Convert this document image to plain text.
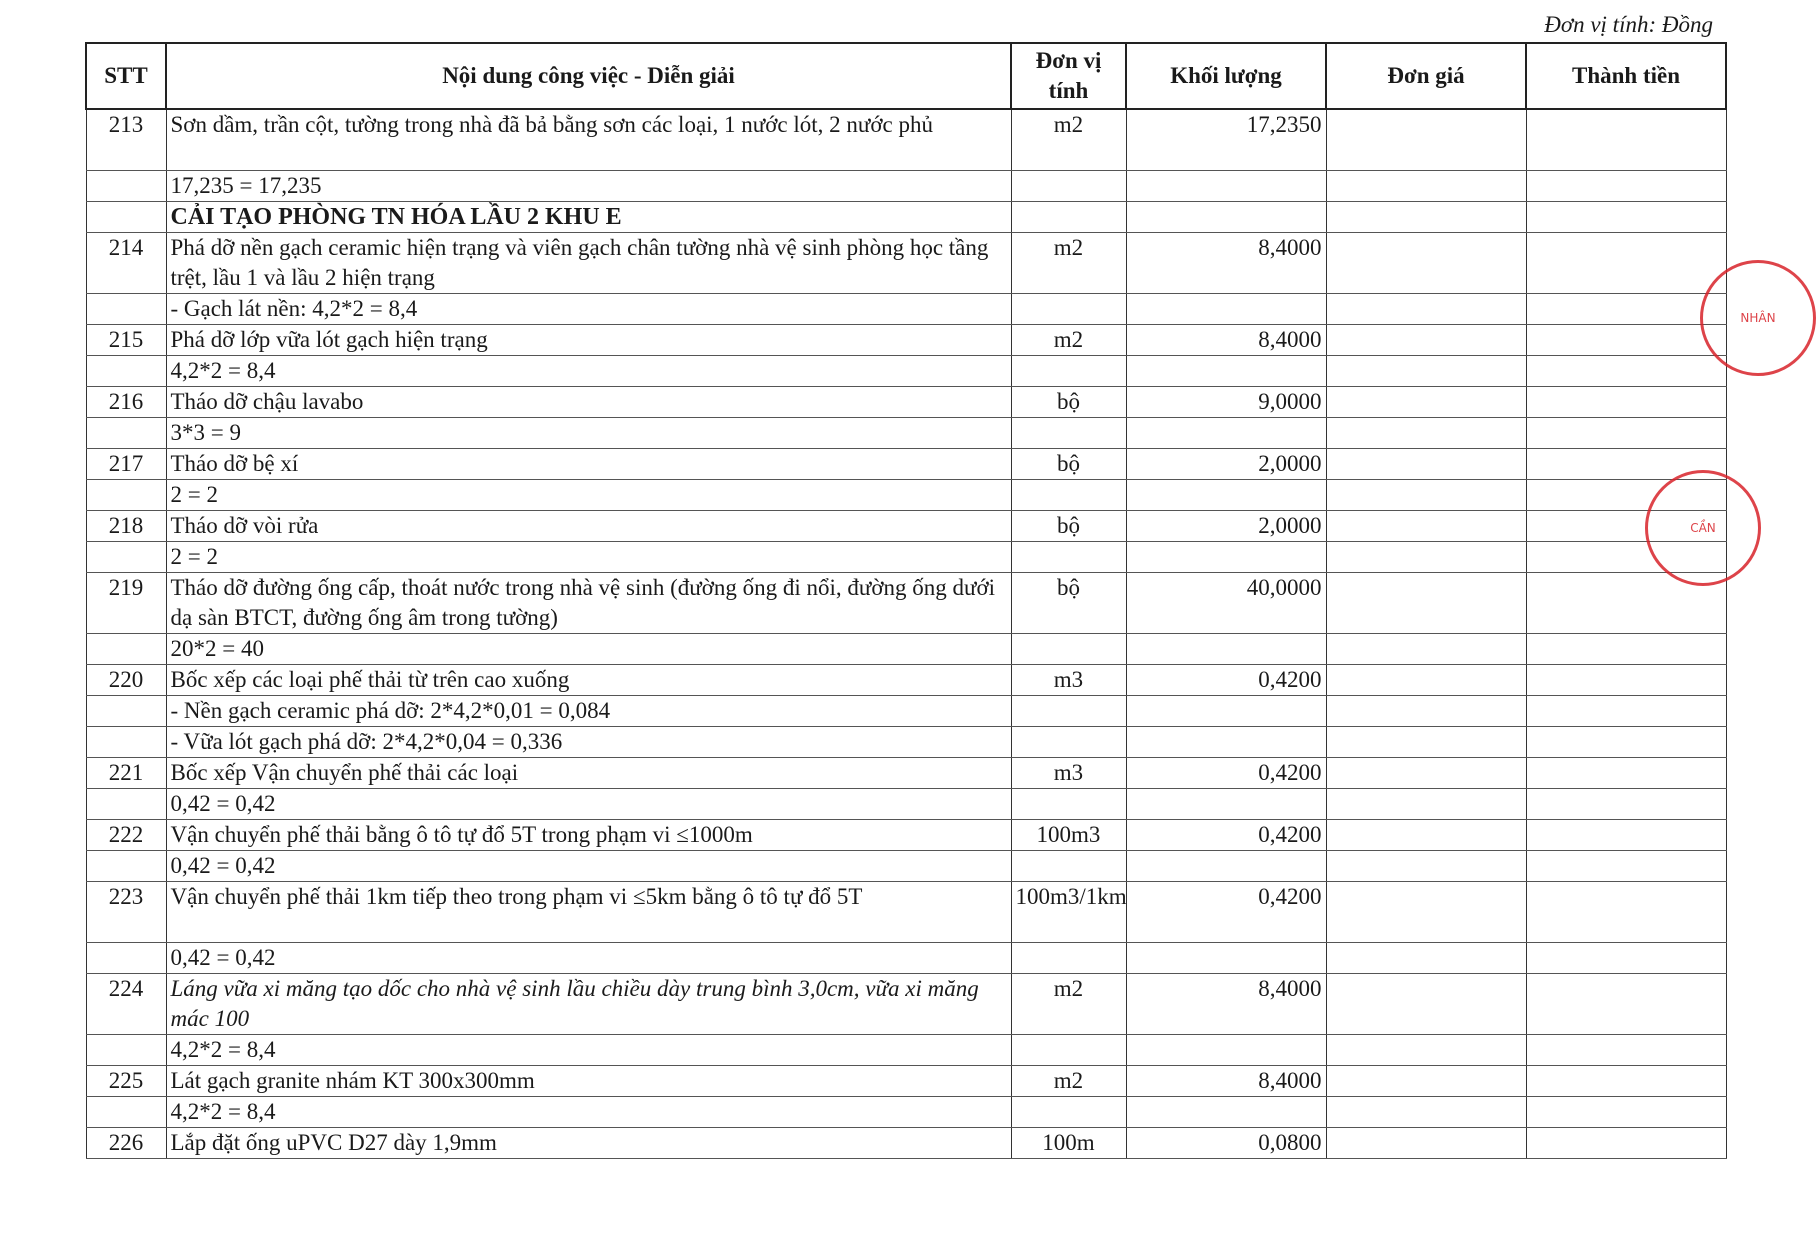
Đơn vị tính: Đồng
STT	Nội dung công việc - Diễn giải	Đơn vị tính	Khối lượng	Đơn giá	Thành tiền
213	Sơn dầm, trần cột, tường trong nhà đã bả bằng sơn các loại, 1 nước lót, 2 nước phủ	m2	17,2350		
	17,235 = 17,235				
	CẢI TẠO PHÒNG TN HÓA LẦU 2 KHU E				
214	Phá dỡ nền gạch ceramic hiện trạng và viên gạch chân tường nhà vệ sinh phòng học tầng trệt, lầu 1 và lầu 2 hiện trạng	m2	8,4000		
	- Gạch lát nền: 4,2*2 = 8,4				
215	Phá dỡ lớp vữa lót gạch hiện trạng	m2	8,4000		
	4,2*2 = 8,4				
216	Tháo dỡ chậu lavabo	bộ	9,0000		
	3*3 = 9				
217	Tháo dỡ bệ xí	bộ	2,0000		
	2 = 2				
218	Tháo dỡ vòi rửa	bộ	2,0000		
	2 = 2				
219	Tháo dỡ đường ống cấp, thoát nước trong nhà vệ sinh (đường ống đi nổi, đường ống dưới dạ sàn BTCT, đường ống âm trong tường)	bộ	40,0000		
	20*2 = 40				
220	Bốc xếp các loại phế thải từ trên cao xuống	m3	0,4200		
	- Nền gạch ceramic phá dỡ: 2*4,2*0,01 = 0,084				
	- Vữa lót gạch phá dỡ: 2*4,2*0,04 = 0,336				
221	Bốc xếp Vận chuyển phế thải các loại	m3	0,4200		
	0,42 = 0,42				
222	Vận chuyển phế thải bằng ô tô tự đổ 5T trong phạm vi ≤1000m	100m3	0,4200		
	0,42 = 0,42				
223	Vận chuyển phế thải 1km tiếp theo trong phạm vi ≤5km bằng ô tô tự đổ 5T	100m3/1km	0,4200		
	0,42 = 0,42				
224	Láng vữa xi măng tạo dốc cho nhà vệ sinh lầu chiều dày trung bình 3,0cm, vữa xi măng mác 100	m2	8,4000		
	4,2*2 = 8,4				
225	Lát gạch granite nhám KT 300x300mm	m2	8,4000		
	4,2*2 = 8,4				
226	Lắp đặt ống uPVC D27 dày 1,9mm	100m	0,0800		
NHÂN
CẦN
